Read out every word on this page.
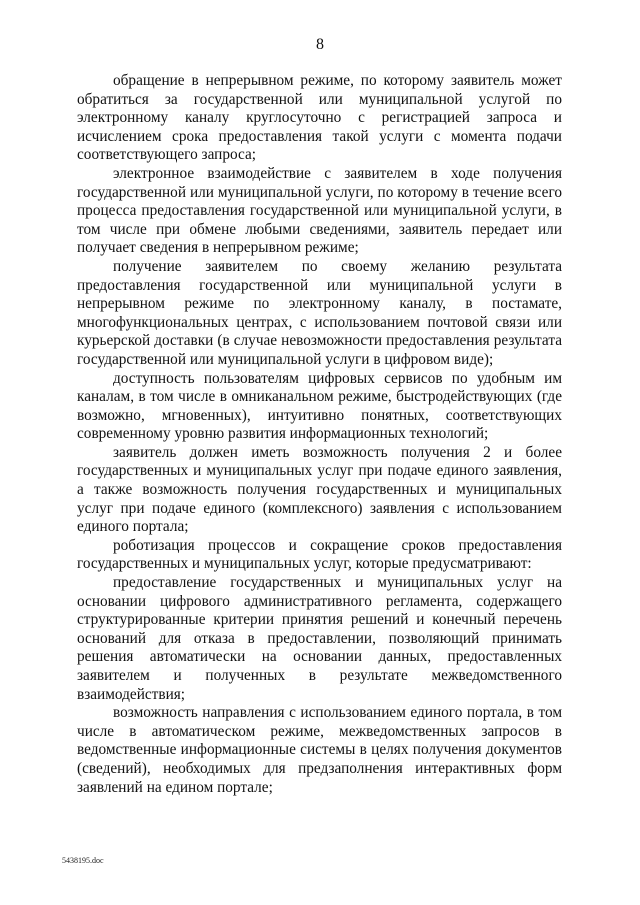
8

обращение в непрерывном режиме, по которому заявитель может обратиться за государственной или муниципальной услугой по электронному каналу круглосуточно с регистрацией запроса и исчислением срока предоставления такой услуги с момента подачи соответствующего запроса;

электронное взаимодействие с заявителем в ходе получения государственной или муниципальной услуги, по которому в течение всего процесса предоставления государственной или муниципальной услуги, в том числе при обмене любыми сведениями, заявитель передает или получает сведения в непрерывном режиме;

получение заявителем по своему желанию результата предоставления государственной или муниципальной услуги в непрерывном режиме по электронному каналу, в постамате, многофункциональных центрах, с использованием почтовой связи или курьерской доставки (в случае невозможности предоставления результата государственной или муниципальной услуги в цифровом виде);

доступность пользователям цифровых сервисов по удобным им каналам, в том числе в омниканальном режиме, быстродействующих (где возможно, мгновенных), интуитивно понятных, соответствующих современному уровню развития информационных технологий;

заявитель должен иметь возможность получения 2 и более государственных и муниципальных услуг при подаче единого заявления, а также возможность получения государственных и муниципальных услуг при подаче единого (комплексного) заявления с использованием единого портала;

роботизация процессов и сокращение сроков предоставления государственных и муниципальных услуг, которые предусматривают:

предоставление государственных и муниципальных услуг на основании цифрового административного регламента, содержащего структурированные критерии принятия решений и конечный перечень оснований для отказа в предоставлении, позволяющий принимать решения автоматически на основании данных, предоставленных заявителем и полученных в результате межведомственного взаимодействия;

возможность направления с использованием единого портала, в том числе в автоматическом режиме, межведомственных запросов в ведомственные информационные системы в целях получения документов (сведений), необходимых для предзаполнения интерактивных форм заявлений на едином портале;

5438195.doc
